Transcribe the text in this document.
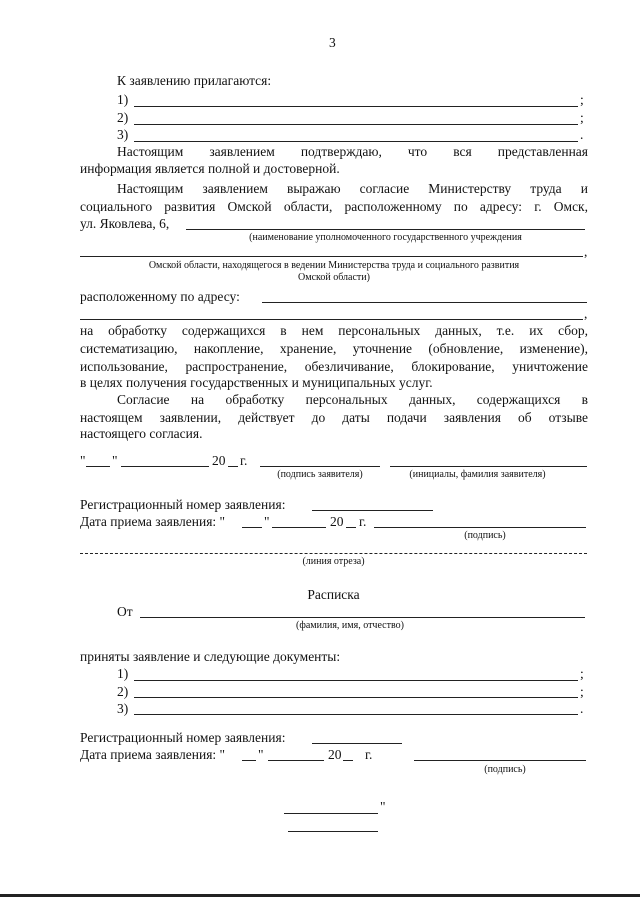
3
К заявлению прилагаются:
1)	;
2)	;
3)	.
Настоящим заявлением подтверждаю, что вся представленная
информация является полной и достоверной.
Настоящим заявлением выражаю согласие Министерству труда и
социального развития Омской области, расположенному по адресу: г. Омск,
ул. Яковлева, 6,
(наименование уполномоченного государственного учреждения
,
Омской области, находящегося в ведении Министерства труда и социального развития
Омской области)
расположенному по адресу:
,
на обработку содержащихся в нем персональных данных, т.е. их сбор,
систематизацию, накопление, хранение, уточнение (обновление, изменение),
использование, распространение, обезличивание, блокирование, уничтожение
в целях получения государственных и муниципальных услуг.
Согласие на обработку персональных данных, содержащихся в
настоящем заявлении, действует до даты подачи заявления об отзыве
настоящего согласия.
" "	20 г.
(подпись заявителя)	(инициалы, фамилия заявителя)
Регистрационный номер заявления:
Дата приема заявления: "	"	20 г.
(подпись)
(линия отреза)
Расписка
От
(фамилия, имя, отчество)
приняты заявление и следующие документы:
1)	;
2)	;
3)	.
Регистрационный номер заявления:
Дата приема заявления: " "	20 г.
(подпись)
"
